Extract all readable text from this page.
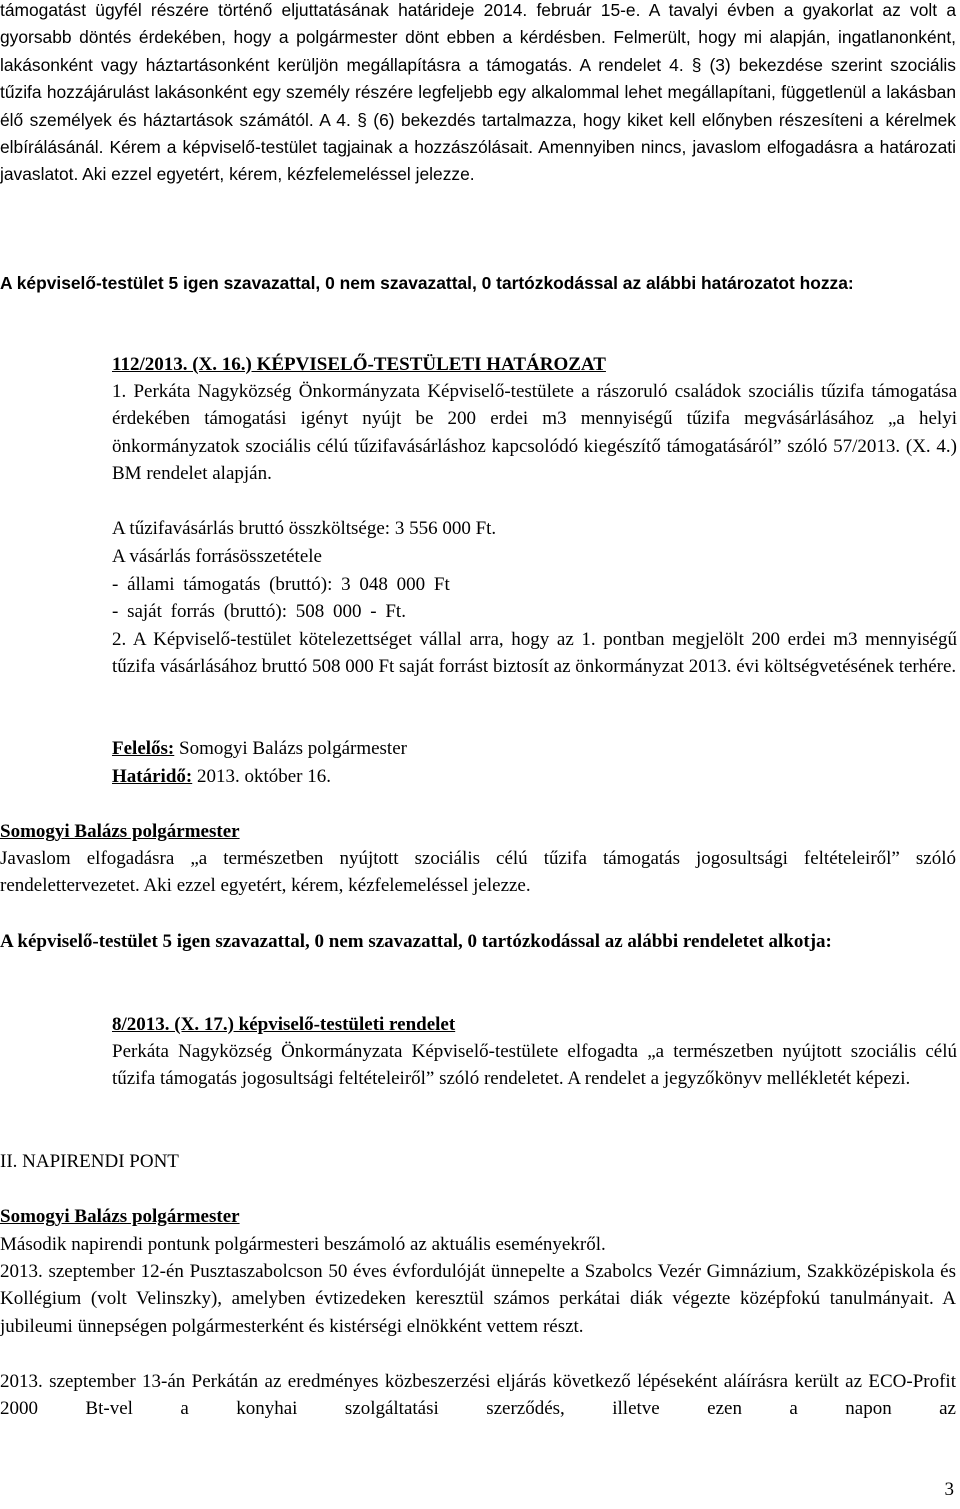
támogatást ügyfél részére történő eljuttatásának határideje 2014. február 15-e. A tavalyi évben a gyakorlat az volt a gyorsabb döntés érdekében, hogy a polgármester dönt ebben a kérdésben. Felmerült, hogy mi alapján, ingatlanonként, lakásonként vagy háztartásonként kerüljön megállapításra a támogatás. A rendelet 4. § (3) bekezdése szerint szociális tűzifa hozzájárulást lakásonként egy személy részére legfeljebb egy alkalommal lehet megállapítani, függetlenül a lakásban élő személyek és háztartások számától. A 4. § (6) bekezdés tartalmazza, hogy kiket kell előnyben részesíteni a kérelmek elbírálásánál. Kérem a képviselő-testület tagjainak a hozzászólásait. Amennyiben nincs, javaslom elfogadásra a határozati javaslatot. Aki ezzel egyetért, kérem, kézfelemeléssel jelezze.

A képviselő-testület 5 igen szavazattal, 0 nem szavazattal, 0 tartózkodással az alábbi határozatot hozza:

112/2013. (X. 16.) KÉPVISELŐ-TESTÜLETI HATÁROZAT

1. Perkáta Nagyközség Önkormányzata Képviselő-testülete a rászoruló családok szociális tűzifa támogatása érdekében támogatási igényt nyújt be 200 erdei m3 mennyiségű tűzifa megvásárlásához „a helyi önkormányzatok szociális célú tűzifavásárláshoz kapcsolódó kiegészítő támogatásáról” szóló 57/2013. (X. 4.) BM rendelet alapján.

A tűzifavásárlás bruttó összköltsége: 3 556 000 Ft.
A vásárlás forrásösszetétele
- állami támogatás (bruttó): 3 048 000 Ft
- saját forrás (bruttó): 508 000 - Ft.

2. A Képviselő-testület kötelezettséget vállal arra, hogy az 1. pontban megjelölt 200 erdei m3 mennyiségű tűzifa vásárlásához bruttó 508 000 Ft saját forrást biztosít az önkormányzat 2013. évi költségvetésének terhére.

Felelős: Somogyi Balázs polgármester
Határidő: 2013. október 16.
Somogyi Balázs polgármester

Javaslom elfogadásra „a természetben nyújtott szociális célú tűzifa támogatás jogosultsági feltételeiről” szóló rendelettervezetet. Aki ezzel egyetért, kérem, kézfelemeléssel jelezze.

A képviselő-testület 5 igen szavazattal, 0 nem szavazattal, 0 tartózkodással az alábbi rendeletet alkotja:

8/2013. (X. 17.) képviselő-testületi rendelet

Perkáta Nagyközség Önkormányzata Képviselő-testülete elfogadta „a természetben nyújtott szociális célú tűzifa támogatás jogosultsági feltételeiről” szóló rendeletet. A rendelet a jegyzőkönyv mellékletét képezi.

II. NAPIRENDI PONT
Somogyi Balázs polgármester
Második napirendi pontunk polgármesteri beszámoló az aktuális eseményekről.

2013. szeptember 12-én Pusztaszabolcson 50 éves évfordulóját ünnepelte a Szabolcs Vezér Gimnázium, Szakközépiskola és Kollégium (volt Velinszky), amelyben évtizedeken keresztül számos perkátai diák végezte középfokú tanulmányait. A jubileumi ünnepségen polgármesterként és kistérségi elnökként vettem részt.

2013. szeptember 13-án Perkátán az eredményes közbeszerzési eljárás következő lépéseként aláírásra került az ECO-Profit 2000 Bt-vel a konyhai szolgáltatási szerződés, illetve ezen a napon az

3
